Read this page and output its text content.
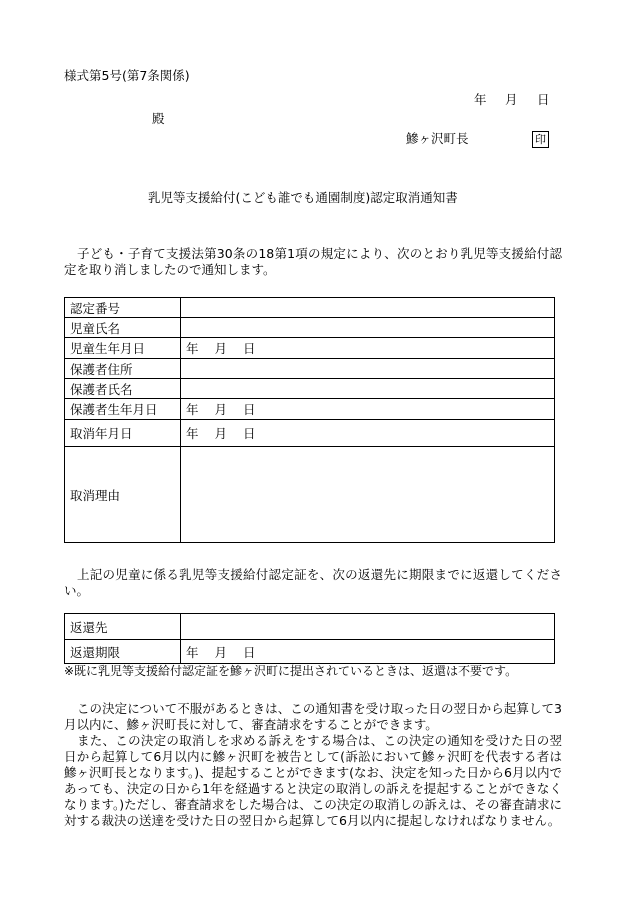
様式第5号(第7条関係)
年 月 日
殿
鰺ヶ沢町長	印
乳児等支援給付(こども誰でも通園制度)認定取消通知書
子ども・子育て支援法第30条の18第1項の規定により、次のとおり乳児等支援給付認定を取り消しましたので通知します。
認定番号	
児童氏名	
児童生年月日	年 月 日
保護者住所	
保護者氏名	
保護者生年月日	年 月 日
取消年月日	年 月 日
取消理由	
上記の児童に係る乳児等支援給付認定証を、次の返還先に期限までに返還してください。
返還先	
返還期限	年 月 日
※既に乳児等支援給付認定証を鰺ヶ沢町に提出されているときは、返還は不要です。
この決定について不服があるときは、この通知書を受け取った日の翌日から起算して3月以内に、鰺ヶ沢町長に対して、審査請求をすることができます。
また、この決定の取消しを求める訴えをする場合は、この決定の通知を受けた日の翌日から起算して6月以内に鰺ヶ沢町を被告として(訴訟において鰺ヶ沢町を代表する者は鰺ヶ沢町長となります。)、提起することができます(なお、決定を知った日から6月以内であっても、決定の日から1年を経過すると決定の取消しの訴えを提起することができなくなります。)ただし、審査請求をした場合は、この決定の取消しの訴えは、その審査請求に対する裁決の送達を受けた日の翌日から起算して6月以内に提起しなければなりません。
